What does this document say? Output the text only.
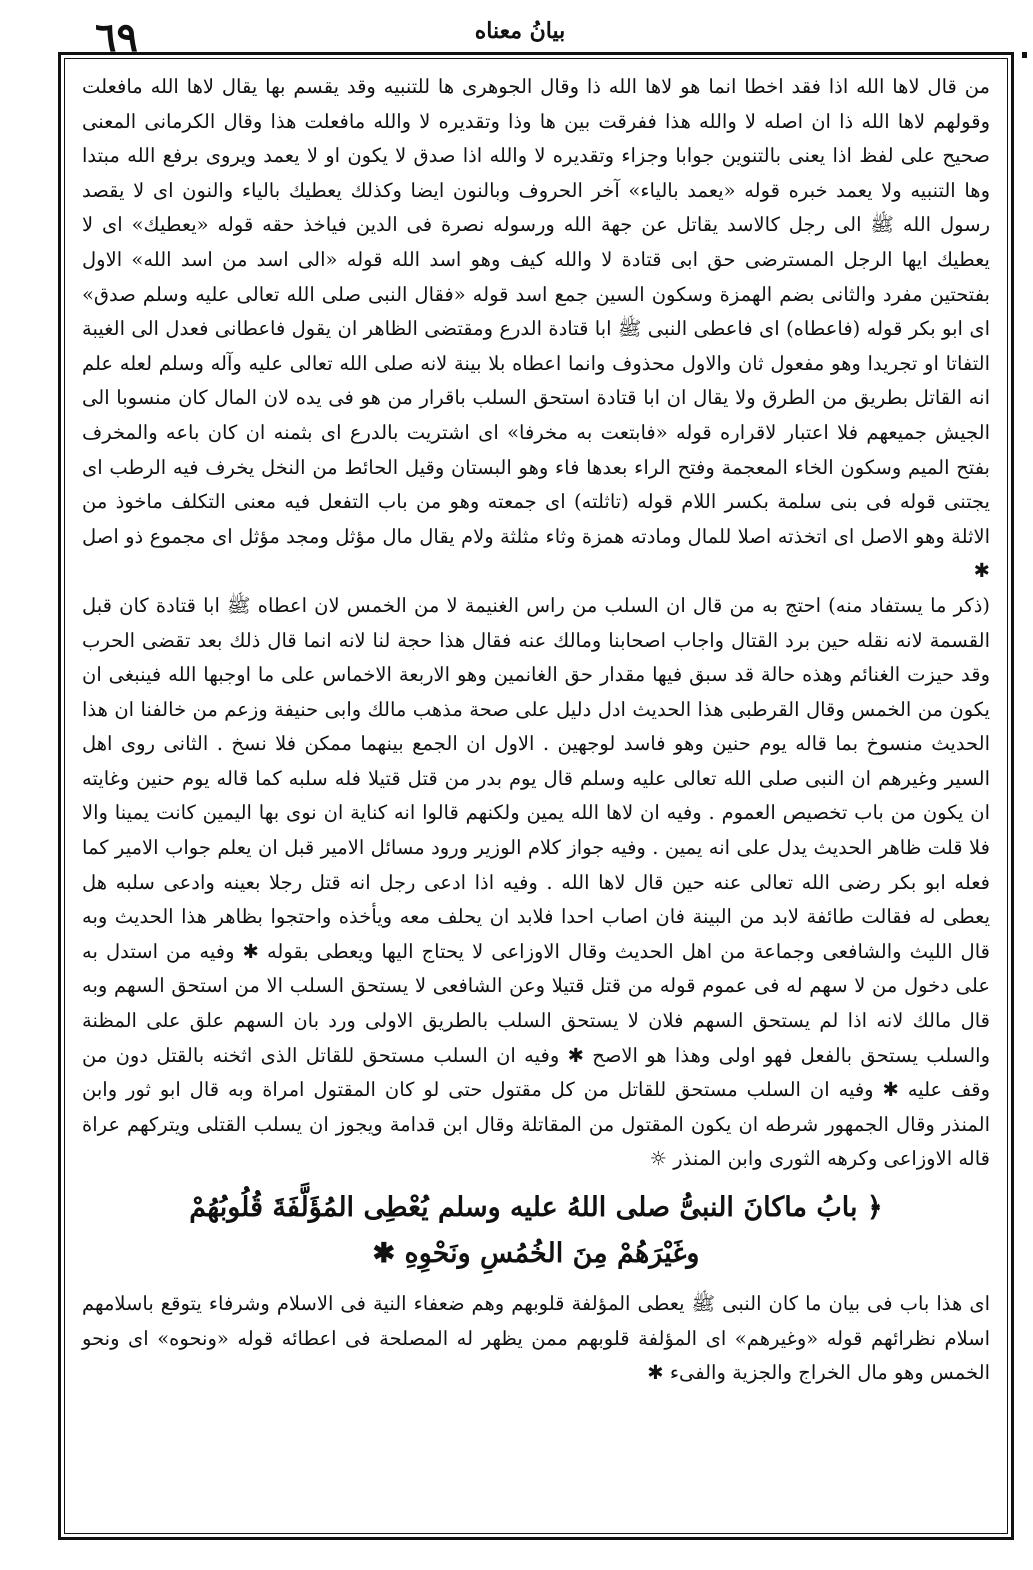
٦٩	بيانُ معناه

من قال لاها الله اذا فقد اخطا انما هو لاها الله ذا وقال الجوهرى ها للتنبيه وقد يقسم بها يقال لاها الله مافعلت وقولهم لاها الله ذا ان اصله لا والله هذا ففرقت بين ها وذا وتقديره لا والله مافعلت هذا وقال الكرمانى المعنى صحيح على لفظ اذا يعنى بالتنوين جوابا وجزاء وتقديره لا والله اذا صدق لا يكون او لا يعمد ويروى برفع الله مبتدا وها التنبيه ولا يعمد خبره قوله «يعمد بالياء» آخر الحروف وبالنون ايضا وكذلك يعطيك بالياء والنون اى لا يقصد رسول الله ﷺ الى رجل كالاسد يقاتل عن جهة الله ورسوله نصرة فى الدين فياخذ حقه قوله «يعطيك» اى لا يعطيك ايها الرجل المسترضى حق ابى قتادة لا والله كيف وهو اسد الله قوله «الى اسد من اسد الله» الاول بفتحتين مفرد والثانى بضم الهمزة وسكون السين جمع اسد قوله «فقال النبى صلى الله تعالى عليه وسلم صدق» اى ابو بكر قوله (فاعطاه) اى فاعطى النبى ﷺ ابا قتادة الدرع ومقتضى الظاهر ان يقول فاعطانى فعدل الى الغيبة التفاتا او تجريدا وهو مفعول ثان والاول محذوف وانما اعطاه بلا بينة لانه صلى الله تعالى عليه وآله وسلم لعله علم انه القاتل بطريق من الطرق ولا يقال ان ابا قتادة استحق السلب باقرار من هو فى يده لان المال كان منسوبا الى الجيش جميعهم فلا اعتبار لاقراره قوله «فابتعت به مخرفا» اى اشتريت بالدرع اى بثمنه ان كان باعه والمخرف بفتح الميم وسكون الخاء المعجمة وفتح الراء بعدها فاء وهو البستان وقيل الحائط من النخل يخرف فيه الرطب اى يجتنى قوله فى بنى سلمة بكسر اللام قوله (تاثلته) اى جمعته وهو من باب التفعل فيه معنى التكلف ماخوذ من الاثلة وهو الاصل اى اتخذته اصلا للمال ومادته همزة وثاء مثلثة ولام يقال مال مؤثل ومجد مؤثل اى مجموع ذو اصل ✱

(ذكر ما يستفاد منه) احتج به من قال ان السلب من راس الغنيمة لا من الخمس لان اعطاه ﷺ ابا قتادة كان قبل القسمة لانه نقله حين برد القتال واجاب اصحابنا ومالك عنه فقال هذا حجة لنا لانه انما قال ذلك بعد تقضى الحرب وقد حيزت الغنائم وهذه حالة قد سبق فيها مقدار حق الغانمين وهو الاربعة الاخماس على ما اوجبها الله فينبغى ان يكون من الخمس وقال القرطبى هذا الحديث ادل دليل على صحة مذهب مالك وابى حنيفة وزعم من خالفنا ان هذا الحديث منسوخ بما قاله يوم حنين وهو فاسد لوجهين . الاول ان الجمع بينهما ممكن فلا نسخ . الثانى روى اهل السير وغيرهم ان النبى صلى الله تعالى عليه وسلم قال يوم بدر من قتل قتيلا فله سلبه كما قاله يوم حنين وغايته ان يكون من باب تخصيص العموم . وفيه ان لاها الله يمين ولكنهم قالوا انه كناية ان نوى بها اليمين كانت يمينا والا فلا قلت ظاهر الحديث يدل على انه يمين . وفيه جواز كلام الوزير ورود مسائل الامير قبل ان يعلم جواب الامير كما فعله ابو بكر رضى الله تعالى عنه حين قال لاها الله . وفيه اذا ادعى رجل انه قتل رجلا بعينه وادعى سلبه هل يعطى له فقالت طائفة لابد من البينة فان اصاب احدا فلابد ان يحلف معه ويأخذه واحتجوا بظاهر هذا الحديث وبه قال الليث والشافعى وجماعة من اهل الحديث وقال الاوزاعى لا يحتاج اليها ويعطى بقوله ✱ وفيه من استدل به على دخول من لا سهم له فى عموم قوله من قتل قتيلا وعن الشافعى لا يستحق السلب الا من استحق السهم وبه قال مالك لانه اذا لم يستحق السهم فلان لا يستحق السلب بالطريق الاولى ورد بان السهم علق على المظنة والسلب يستحق بالفعل فهو اولى وهذا هو الاصح ✱ وفيه ان السلب مستحق للقاتل الذى اثخنه بالقتل دون من وقف عليه ✱ وفيه ان السلب مستحق للقاتل من كل مقتول حتى لو كان المقتول امراة وبه قال ابو ثور وابن المنذر وقال الجمهور شرطه ان يكون المقتول من المقاتلة وقال ابن قدامة ويجوز ان يسلب القتلى ويتركهم عراة قاله الاوزاعى وكرهه الثورى وابن المنذر ☼

﴿ بابُ ماكانَ النبىُّ صلى اللهُ عليه وسلم يُعْطِى المُؤَلَّفَةَ قُلُوبُهُمْ
وغَيْرَهُمْ مِنَ الخُمُسِ ونَحْوِهِ ✱

اى هذا باب فى بيان ما كان النبى ﷺ يعطى المؤلفة قلوبهم وهم ضعفاء النية فى الاسلام وشرفاء يتوقع باسلامهم اسلام نظرائهم قوله «وغيرهم» اى المؤلفة قلوبهم ممن يظهر له المصلحة فى اعطائه قوله «ونحوه» اى ونحو الخمس وهو مال الخراج والجزية والفىء ✱
